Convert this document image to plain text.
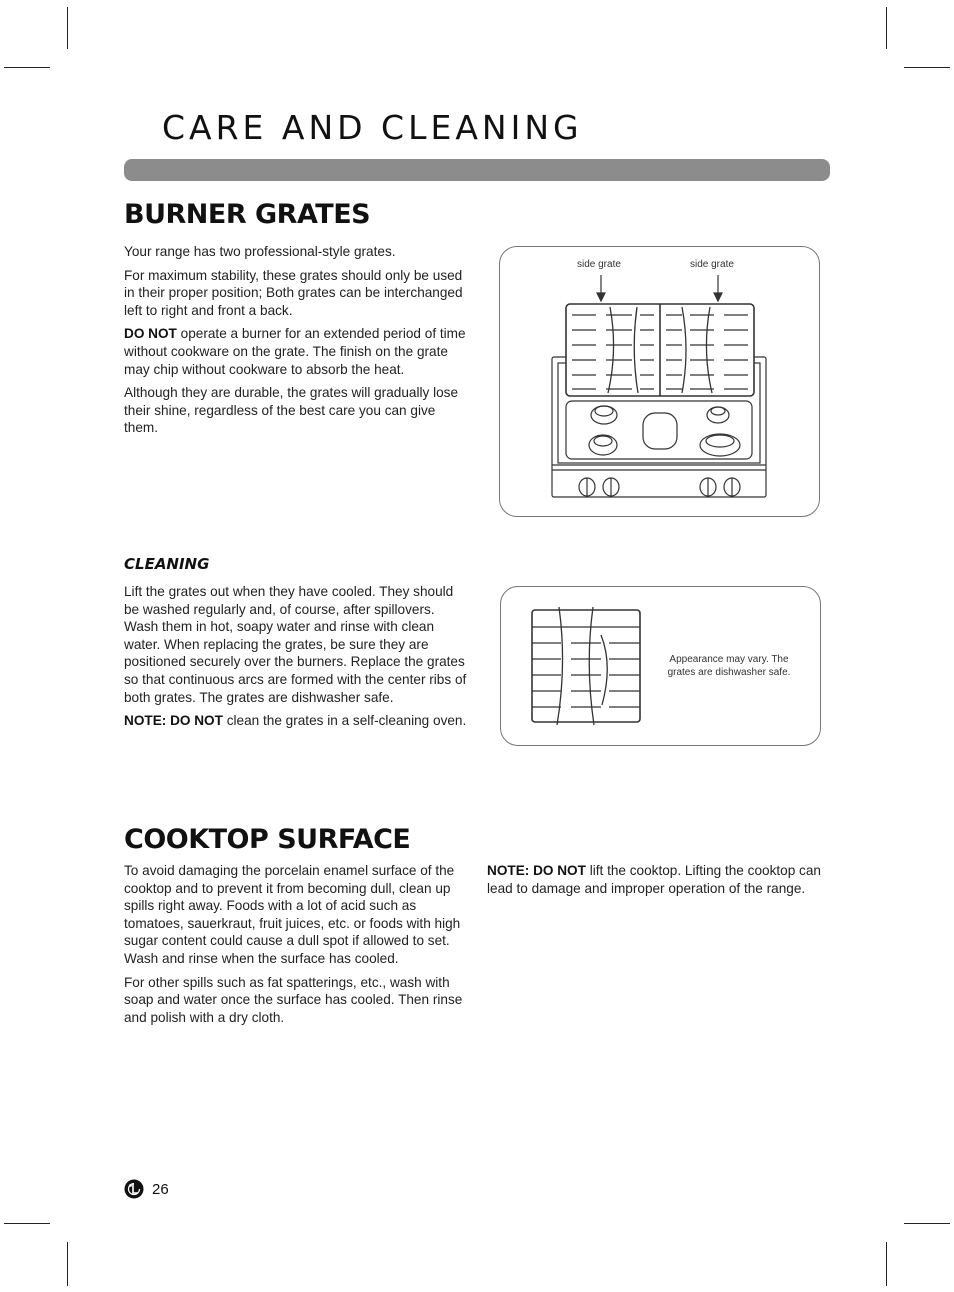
CARE AND CLEANING
BURNER GRATES

Your range has two professional-style grates.

For maximum stability, these grates should only be used in their proper position; Both grates can be interchanged left to right and front a back.

DO NOT operate a burner for an extended period of time without cookware on the grate. The finish on the grate may chip without cookware to absorb the heat.

Although they are durable, the grates will gradually lose their shine, regardless of the best care you can give them.

side grate	side grate
CLEANING

Lift the grates out when they have cooled. They should be washed regularly and, of course, after spillovers. Wash them in hot, soapy water and rinse with clean water. When replacing the grates, be sure they are positioned securely over the burners. Replace the grates so that continuous arcs are formed with the center ribs of both grates. The grates are dishwasher safe.

NOTE: DO NOT clean the grates in a self-cleaning oven.

Appearance may vary. The grates are dishwasher safe.
COOKTOP SURFACE

To avoid damaging the porcelain enamel surface of the cooktop and to prevent it from becoming dull, clean up spills right away. Foods with a lot of acid such as tomatoes, sauerkraut, fruit juices, etc. or foods with high sugar content could cause a dull spot if allowed to set. Wash and rinse when the surface has cooled.

For other spills such as fat spatterings, etc., wash with soap and water once the surface has cooled. Then rinse and polish with a dry cloth.

NOTE: DO NOT lift the cooktop. Lifting the cooktop can lead to damage and improper operation of the range.

26
